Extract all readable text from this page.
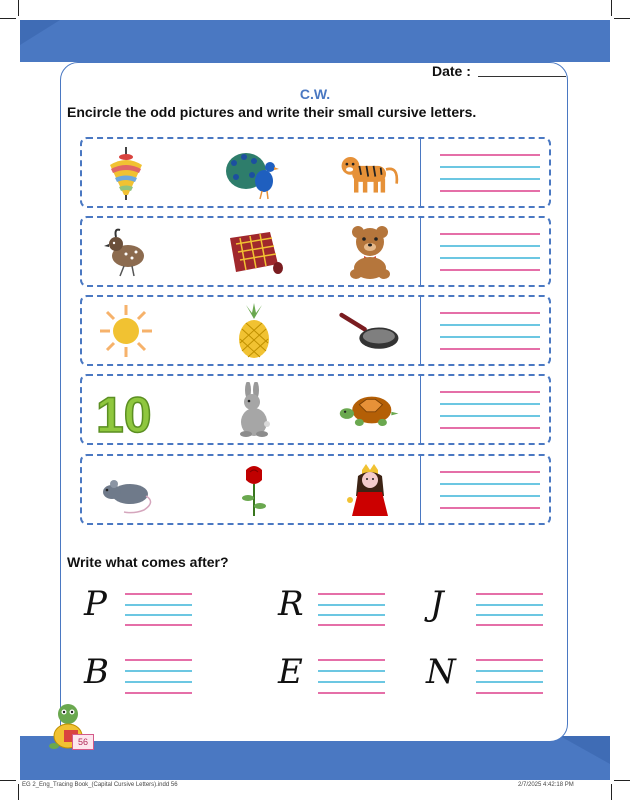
Date :
C.W.
Encircle the odd pictures and write their small cursive letters.
10
Write what comes after?
P	R	J
B	E	N
56
EG 2_Eng_Tracing Book_(Capital Cursive Letters).indd 56	2/7/2025 4:42:18 PM
